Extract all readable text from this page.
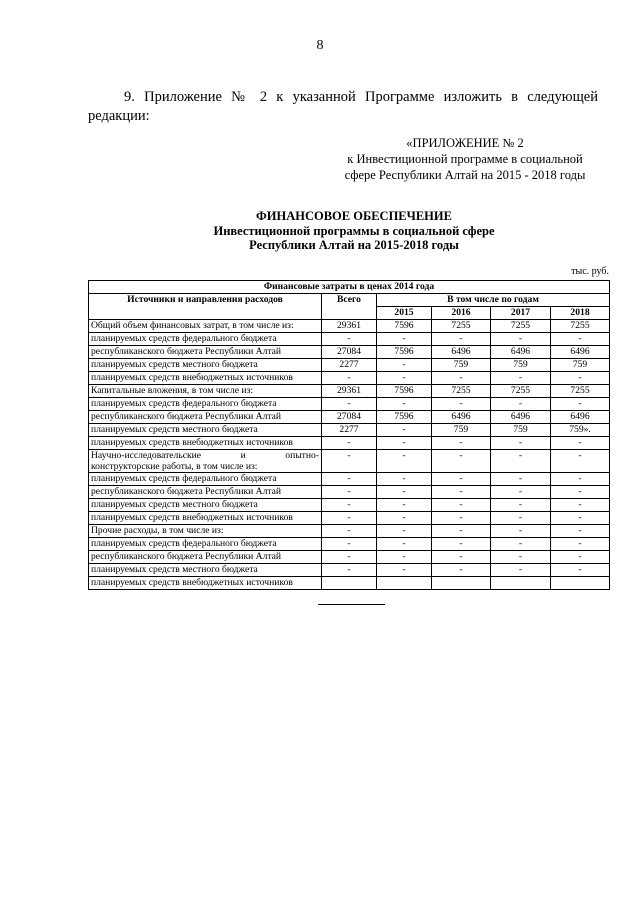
8
9. Приложение № 2 к указанной Программе изложить в следующей
редакции:
«ПРИЛОЖЕНИЕ № 2
к Инвестиционной программе в социальной
сфере Республики Алтай на 2015 - 2018 годы
ФИНАНСОВОЕ ОБЕСПЕЧЕНИЕ
Инвестиционной программы в социальной сфере
Республики Алтай на 2015-2018 годы
тыс. руб.
Финансовые затраты в ценах 2014 года					
Источники и направления расходов	Всего	В том числе по годам			
		2015	2016	2017	2018
Общий объем финансовых затрат, в том числе из:	29361	7596	7255	7255	7255
планируемых средств федерального бюджета	-	-	-	-	-
республиканского бюджета Республики Алтай	27084	7596	6496	6496	6496
планируемых средств местного бюджета	2277	-	759	759	759
планируемых средств внебюджетных источников	-	-	-	-	-
Капитальные вложения, в том числе из:	29361	7596	7255	7255	7255
планируемых средств федерального бюджета	-	-	-	-	-
республиканского бюджета Республики Алтай	27084	7596	6496	6496	6496
планируемых средств местного бюджета	2277	-	759	759	759».
планируемых средств внебюджетных источников	-	-	-	-	-

Научно-исследовательские и опытно-
конструкторские работы, в том числе из:	-	-	-	-	-
планируемых средств федерального бюджета	-	-	-	-	-
республиканского бюджета Республики Алтай	-	-	-	-	-
планируемых средств местного бюджета	-	-	-	-	-
планируемых средств внебюджетных источников	-	-	-	-	-
Прочие расходы, в том числе из:	-	-	-	-	-
планируемых средств федерального бюджета	-	-	-	-	-
республиканского бюджета Республики Алтай	-	-	-	-	-
планируемых средств местного бюджета	-	-	-	-	-
планируемых средств внебюджетных источников					
